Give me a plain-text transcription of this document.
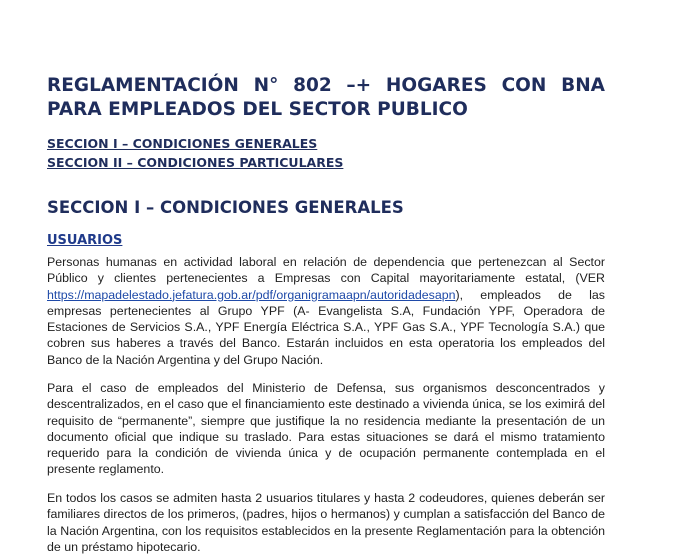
REGLAMENTACIÓN N° 802 –+ HOGARES CON BNA PARA EMPLEADOS DEL SECTOR PUBLICO
SECCION I – CONDICIONES GENERALES
SECCION II – CONDICIONES PARTICULARES
SECCION I – CONDICIONES GENERALES
USUARIOS

Personas humanas en actividad laboral en relación de dependencia que pertenezcan al Sector Público y clientes pertenecientes a Empresas con Capital mayoritariamente estatal, (VER https://mapadelestado.jefatura.gob.ar/pdf/organigramaapn/autoridadesapn), empleados de las empresas pertenecientes al Grupo YPF (A- Evangelista S.A, Fundación YPF, Operadora de Estaciones de Servicios S.A., YPF Energía Eléctrica S.A., YPF Gas S.A., YPF Tecnología S.A.) que cobren sus haberes a través del Banco. Estarán incluidos en esta operatoria los empleados del Banco de la Nación Argentina y del Grupo Nación.

Para el caso de empleados del Ministerio de Defensa, sus organismos desconcentrados y descentralizados, en el caso que el financiamiento este destinado a vivienda única, se los eximirá del requisito de “permanente”, siempre que justifique la no residencia mediante la presentación de un documento oficial que indique su traslado. Para estas situaciones se dará el mismo tratamiento requerido para la condición de vivienda única y de ocupación permanente contemplada en el presente reglamento.

En todos los casos se admiten hasta 2 usuarios titulares y hasta 2 codeudores, quienes deberán ser familiares directos de los primeros, (padres, hijos o hermanos) y cumplan a satisfacción del Banco de la Nación Argentina, con los requisitos establecidos en la presente Reglamentación para la obtención de un préstamo hipotecario.
